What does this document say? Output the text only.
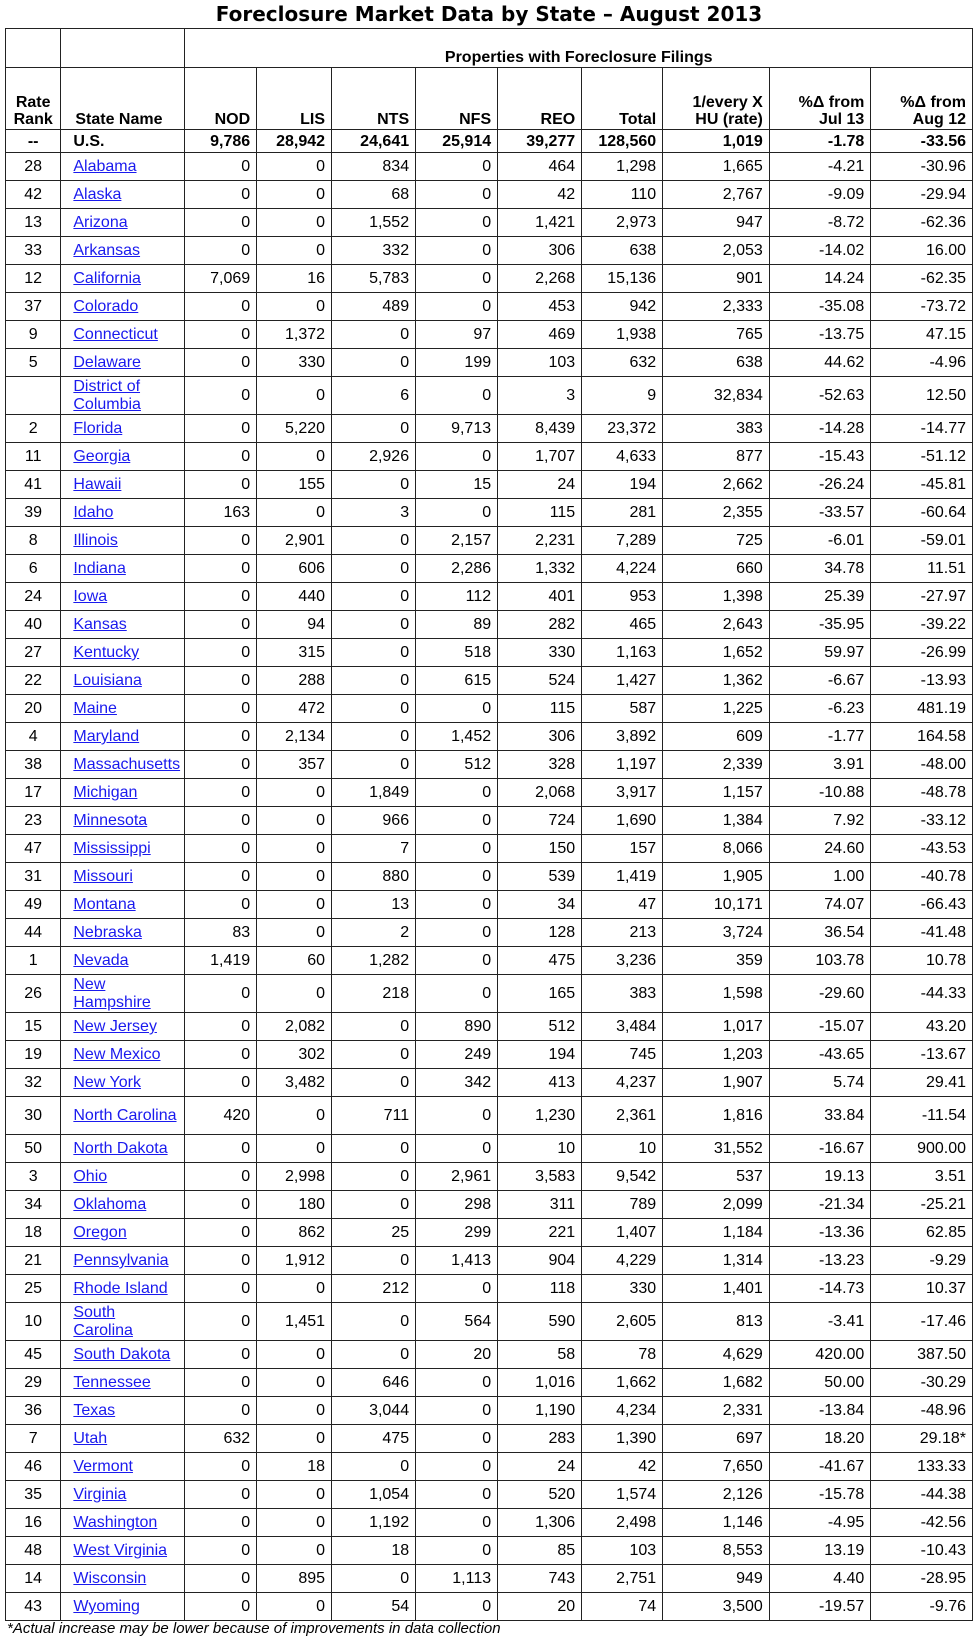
Foreclosure Market Data by State – August 2013
		Properties with Foreclosure Filings								
Rate Rank	State Name	NOD	LIS	NTS	NFS	REO	Total	1/every X HU (rate)	%Δ from Jul 13	%Δ from Aug 12
--	U.S.	9,786	28,942	24,641	25,914	39,277	128,560	1,019	-1.78	-33.56
28	Alabama	0	0	834	0	464	1,298	1,665	-4.21	-30.96
42	Alaska	0	0	68	0	42	110	2,767	-9.09	-29.94
13	Arizona	0	0	1,552	0	1,421	2,973	947	-8.72	-62.36
33	Arkansas	0	0	332	0	306	638	2,053	-14.02	16.00
12	California	7,069	16	5,783	0	2,268	15,136	901	14.24	-62.35
37	Colorado	0	0	489	0	453	942	2,333	-35.08	-73.72
9	Connecticut	0	1,372	0	97	469	1,938	765	-13.75	47.15
5	Delaware	0	330	0	199	103	632	638	44.62	-4.96
	District of Columbia	0	0	6	0	3	9	32,834	-52.63	12.50
2	Florida	0	5,220	0	9,713	8,439	23,372	383	-14.28	-14.77
11	Georgia	0	0	2,926	0	1,707	4,633	877	-15.43	-51.12
41	Hawaii	0	155	0	15	24	194	2,662	-26.24	-45.81
39	Idaho	163	0	3	0	115	281	2,355	-33.57	-60.64
8	Illinois	0	2,901	0	2,157	2,231	7,289	725	-6.01	-59.01
6	Indiana	0	606	0	2,286	1,332	4,224	660	34.78	11.51
24	Iowa	0	440	0	112	401	953	1,398	25.39	-27.97
40	Kansas	0	94	0	89	282	465	2,643	-35.95	-39.22
27	Kentucky	0	315	0	518	330	1,163	1,652	59.97	-26.99
22	Louisiana	0	288	0	615	524	1,427	1,362	-6.67	-13.93
20	Maine	0	472	0	0	115	587	1,225	-6.23	481.19
4	Maryland	0	2,134	0	1,452	306	3,892	609	-1.77	164.58
38	Massachusetts	0	357	0	512	328	1,197	2,339	3.91	-48.00
17	Michigan	0	0	1,849	0	2,068	3,917	1,157	-10.88	-48.78
23	Minnesota	0	0	966	0	724	1,690	1,384	7.92	-33.12
47	Mississippi	0	0	7	0	150	157	8,066	24.60	-43.53
31	Missouri	0	0	880	0	539	1,419	1,905	1.00	-40.78
49	Montana	0	0	13	0	34	47	10,171	74.07	-66.43
44	Nebraska	83	0	2	0	128	213	3,724	36.54	-41.48
1	Nevada	1,419	60	1,282	0	475	3,236	359	103.78	10.78
26	New Hampshire	0	0	218	0	165	383	1,598	-29.60	-44.33
15	New Jersey	0	2,082	0	890	512	3,484	1,017	-15.07	43.20
19	New Mexico	0	302	0	249	194	745	1,203	-43.65	-13.67
32	New York	0	3,482	0	342	413	4,237	1,907	5.74	29.41
30	North Carolina	420	0	711	0	1,230	2,361	1,816	33.84	-11.54
50	North Dakota	0	0	0	0	10	10	31,552	-16.67	900.00
3	Ohio	0	2,998	0	2,961	3,583	9,542	537	19.13	3.51
34	Oklahoma	0	180	0	298	311	789	2,099	-21.34	-25.21
18	Oregon	0	862	25	299	221	1,407	1,184	-13.36	62.85
21	Pennsylvania	0	1,912	0	1,413	904	4,229	1,314	-13.23	-9.29
25	Rhode Island	0	0	212	0	118	330	1,401	-14.73	10.37
10	South Carolina	0	1,451	0	564	590	2,605	813	-3.41	-17.46
45	South Dakota	0	0	0	20	58	78	4,629	420.00	387.50
29	Tennessee	0	0	646	0	1,016	1,662	1,682	50.00	-30.29
36	Texas	0	0	3,044	0	1,190	4,234	2,331	-13.84	-48.96
7	Utah	632	0	475	0	283	1,390	697	18.20	29.18*
46	Vermont	0	18	0	0	24	42	7,650	-41.67	133.33
35	Virginia	0	0	1,054	0	520	1,574	2,126	-15.78	-44.38
16	Washington	0	0	1,192	0	1,306	2,498	1,146	-4.95	-42.56
48	West Virginia	0	0	18	0	85	103	8,553	13.19	-10.43
14	Wisconsin	0	895	0	1,113	743	2,751	949	4.40	-28.95
43	Wyoming	0	0	54	0	20	74	3,500	-19.57	-9.76
*Actual increase may be lower because of improvements in data collection
